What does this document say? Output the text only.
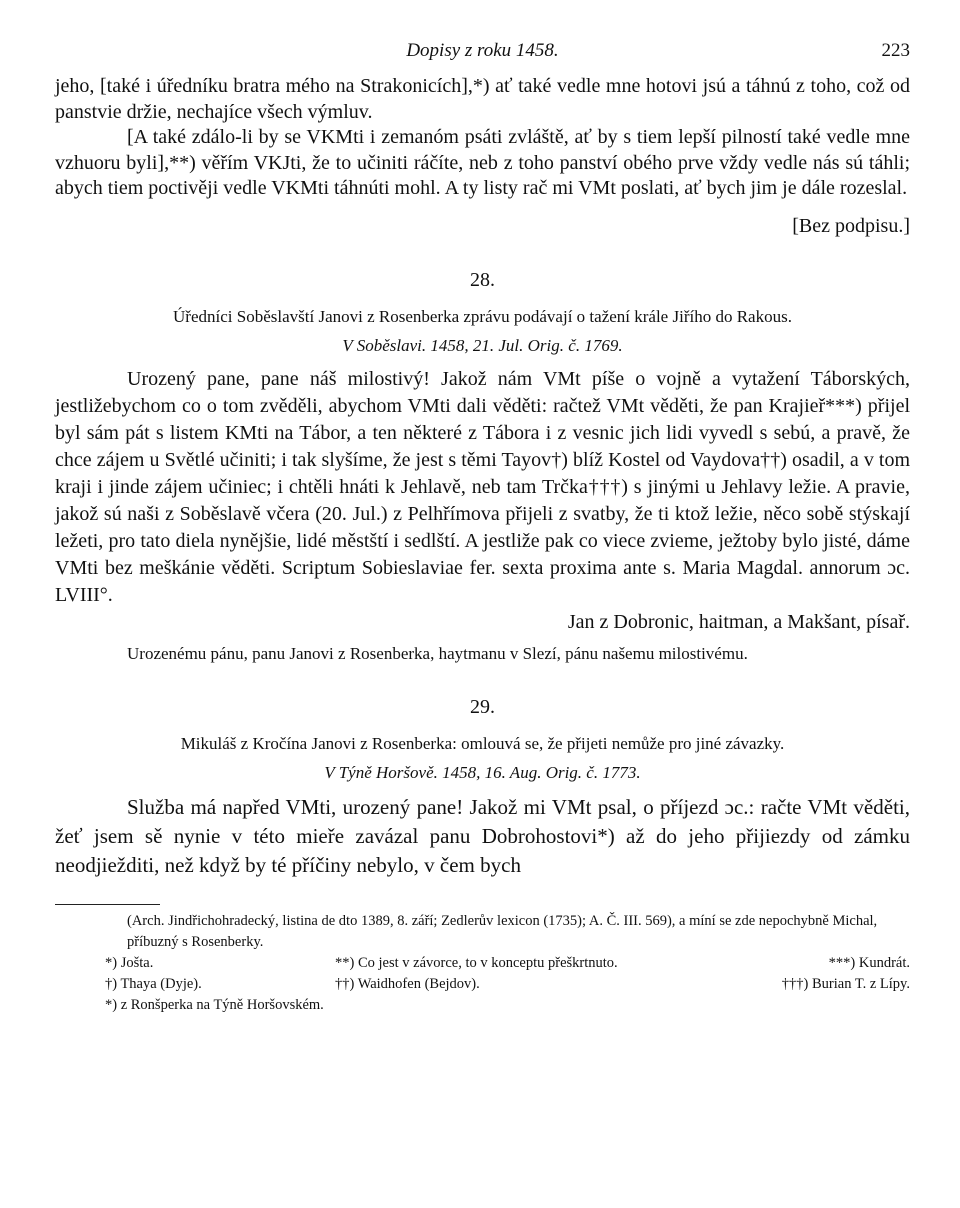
Dopisy z roku 1458.	223

jeho, [také i úředníku bratra mého na Strakonicích],*) ať také vedle mne hotovi jsú a táhnú z toho, což od panstvie držie, nechajíce všech výmluv.

[A také zdálo-li by se VKMti i zemanóm psáti zvláště, ať by s tiem lepší pilností také vedle mne vzhuoru byli],**) věřím VKJti, že to učiniti ráčíte, neb z toho panství obého prve vždy vedle nás sú táhli; abych tiem poctivěji vedle VKMti táhnúti mohl. A ty listy rač mi VMt poslati, ať bych jim je dále rozeslal.

[Bez podpisu.]
28.

Úředníci Soběslavští Janovi z Rosenberka zprávu podávají o tažení krále Jiřího do Rakous.

V Soběslavi. 1458, 21. Jul. Orig. č. 1769.

Urozený pane, pane náš milostivý! Jakož nám VMt píše o vojně a vytažení Táborských, jestližebychom co o tom zvěděli, abychom VMti dali věděti: račtež VMt věděti, že pan Krajieř***) přijel byl sám pát s listem KMti na Tábor, a ten některé z Tábora i z vesnic jich lidi vyvedl s sebú, a pravě, že chce zájem u Světlé učiniti; i tak slyšíme, že jest s těmi Tayov†) blíž Kostel od Vaydova††) osadil, a v tom kraji i jinde zájem učiniec; i chtěli hnáti k Jehlavě, neb tam Trčka†††) s jinými u Jehlavy ležie. A pravie, jakož sú naši z Soběslavě včera (20. Jul.) z Pelhřímova přijeli z svatby, že ti ktož ležie, něco sobě stýskají ležeti, pro tato diela nynějšie, lidé městští i sedlští. A jestliže pak co viece zvieme, ježtoby bylo jisté, dáme VMti bez meškánie věděti. Scriptum Sobieslaviae fer. sexta proxima ante s. Maria Magdal. annorum ɔc. LVIII°.

Jan z Dobronic, haitman, a Makšant, písař.

Urozenému pánu, panu Janovi z Rosenberka, haytmanu v Slezí, pánu našemu milostivému.

29.

Mikuláš z Kročína Janovi z Rosenberka: omlouvá se, že přijeti nemůže pro jiné závazky.

V Týně Horšově. 1458, 16. Aug. Orig. č. 1773.

Služba má napřed VMti, urozený pane! Jakož mi VMt psal, o příjezd ɔc.: račte VMt věděti, žeť jsem sě nynie v této mieře zavázal panu Dobrohostovi*) až do jeho přijiezdy od zámku neodjiežditi, než když by té příčiny nebylo, v čem bych

(Arch. Jindřichohradecký, listina de dto 1389, 8. září; Zedlerův lexicon (1735); A. Č. III. 569), a míní se zde nepochybně Michal, příbuzný s Rosenberky.
*) Jošta.	**) Co jest v závorce, to v konceptu přeškrtnuto.	***) Kundrát.
†) Thaya (Dyje).	††) Waidhofen (Bejdov).	†††) Burian T. z Lípy.
*) z Ronšperka na Týně Horšovském.
